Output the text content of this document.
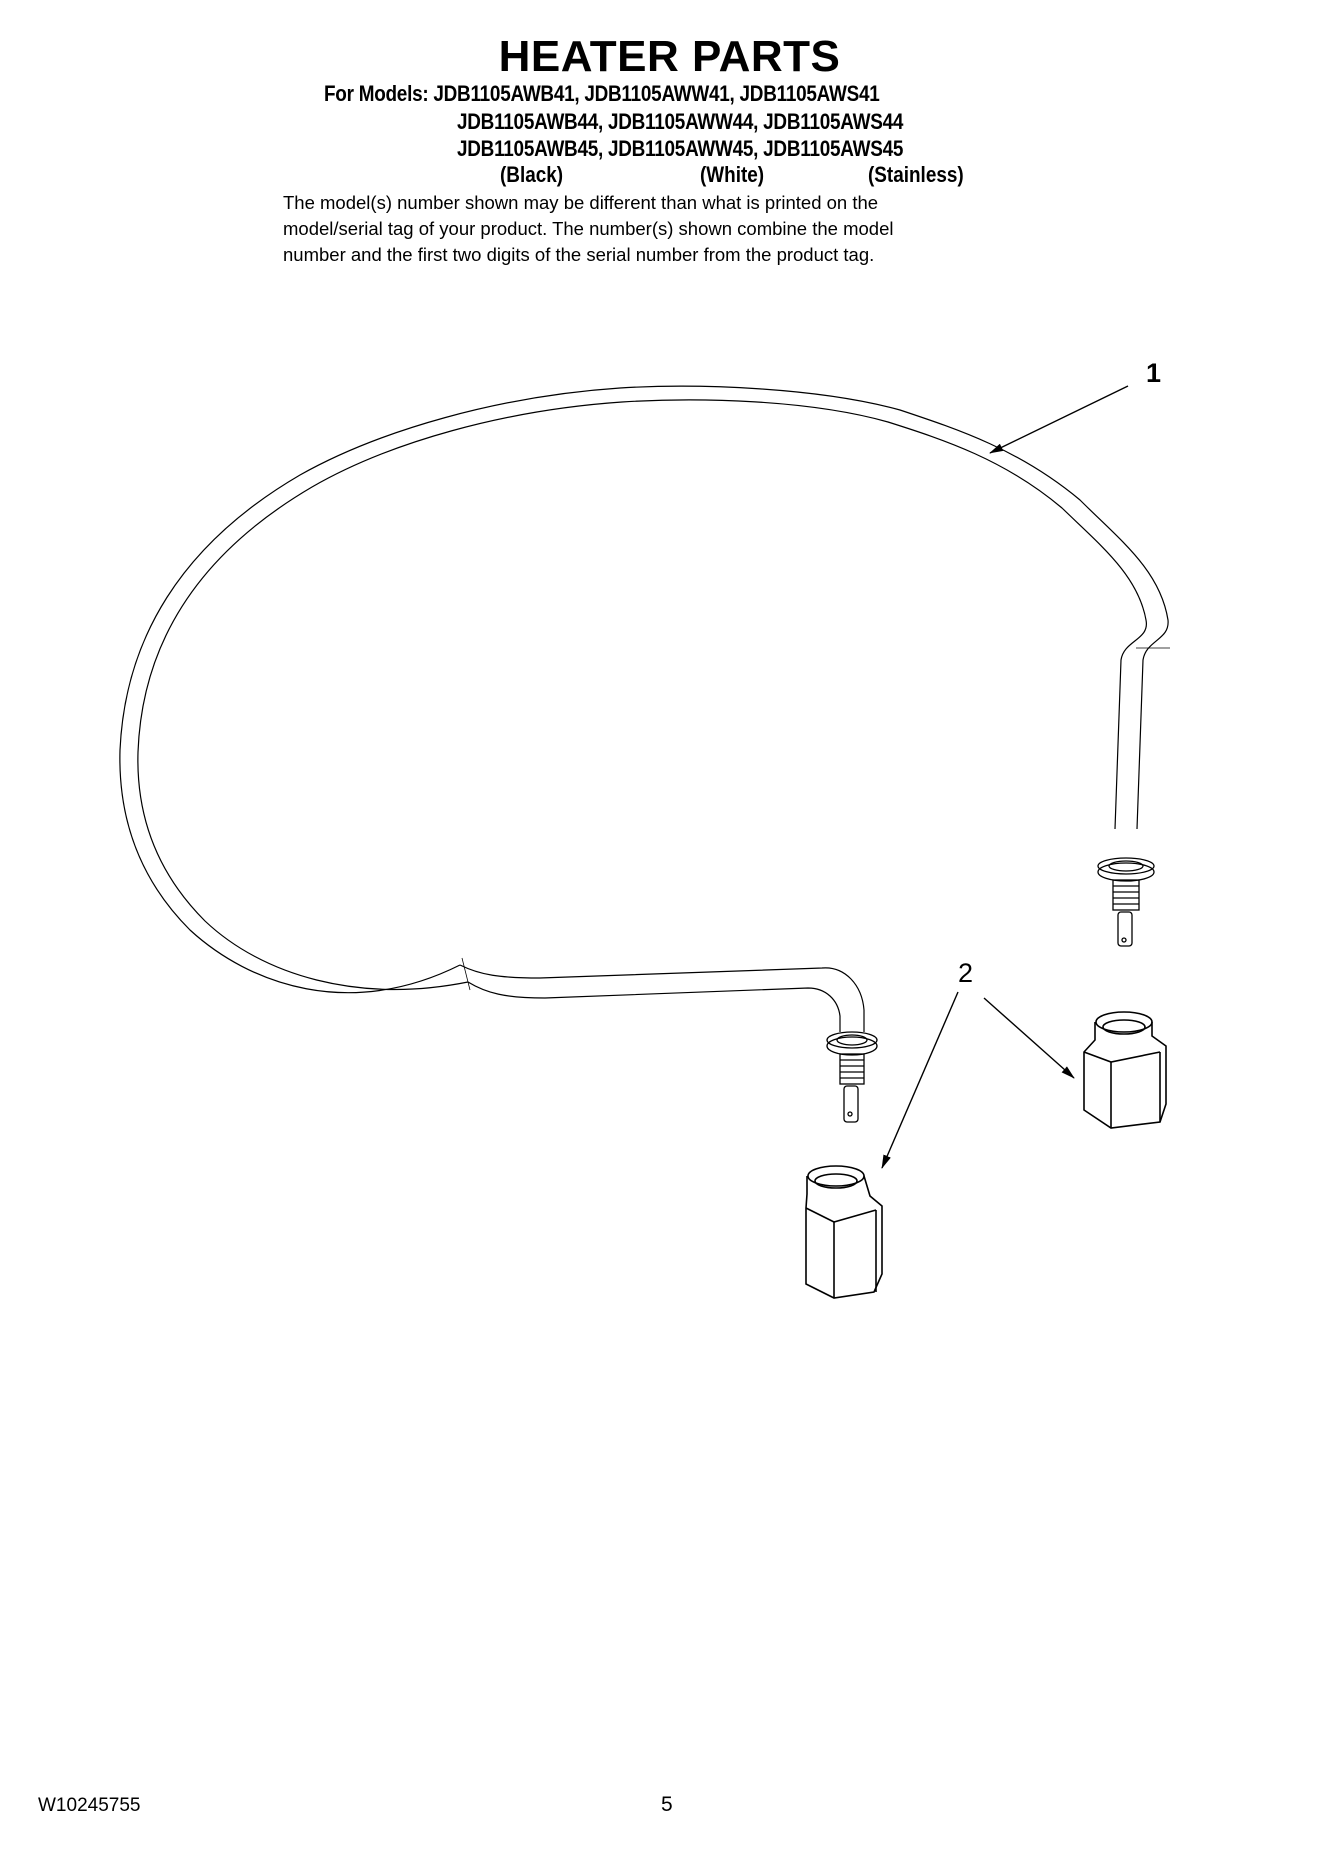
HEATER PARTS
For Models: JDB1105AWB41, JDB1105AWW41, JDB1105AWS41
JDB1105AWB44, JDB1105AWW44, JDB1105AWS44
JDB1105AWB45, JDB1105AWW45, JDB1105AWS45
(Black)	(White)	(Stainless)
The model(s) number shown may be different than what is printed on the
model/serial tag of your product. The number(s) shown combine the model
number and the first two digits of the serial number from the product tag.
1
2
W10245755	5
